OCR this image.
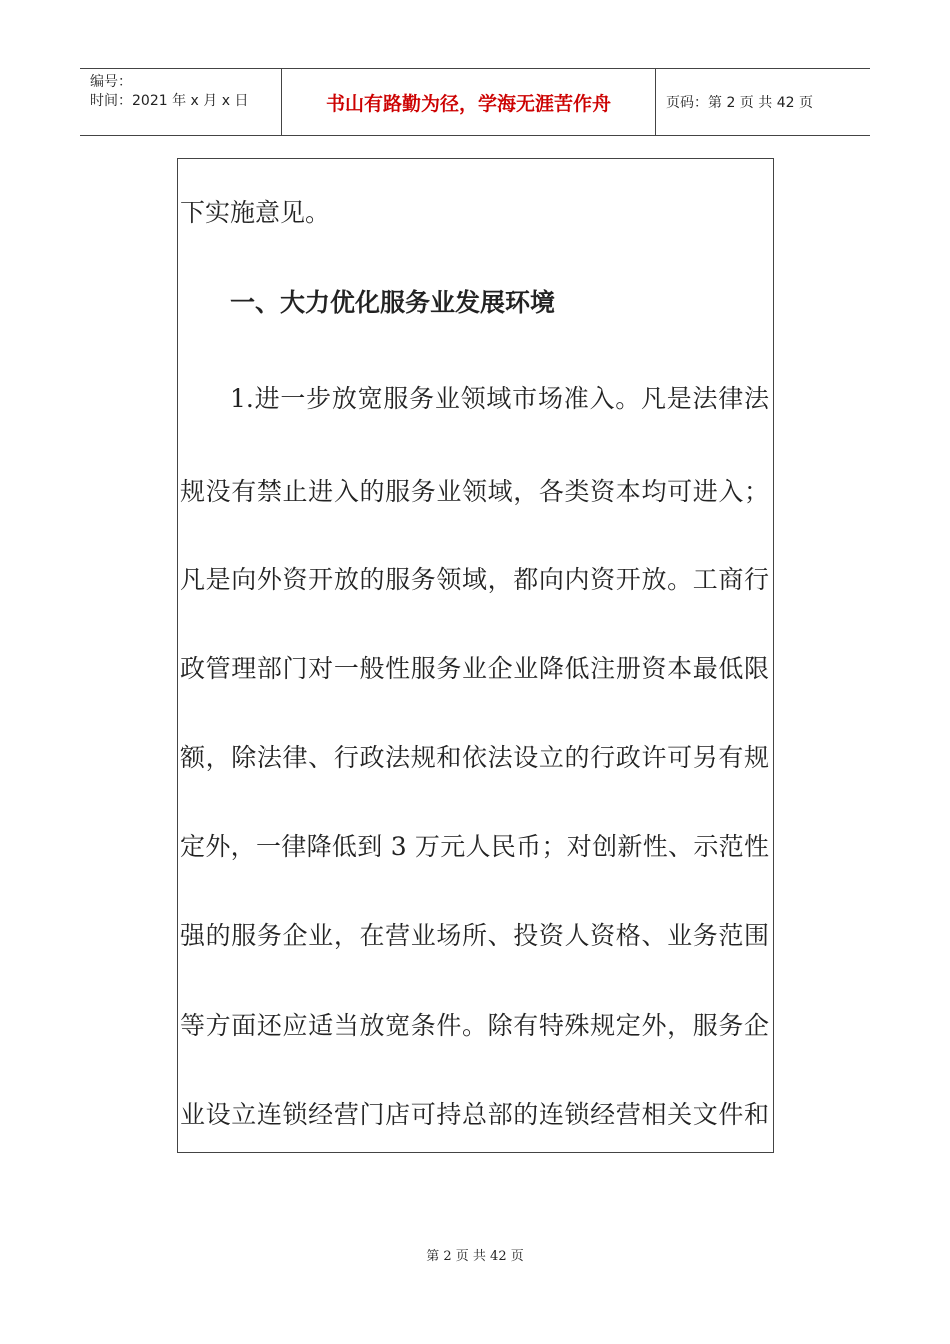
编号：
时间：2021 年 x 月 x 日	书山有路勤为径，学海无涯苦作舟	页码：第 2 页 共 42 页
下实施意见。
一、大力优化服务业发展环境
1.进一步放宽服务业领域市场准入。凡是法律法
规没有禁止进入的服务业领域，各类资本均可进入；
凡是向外资开放的服务领域，都向内资开放。工商行
政管理部门对一般性服务业企业降低注册资本最低限
额，除法律、行政法规和依法设立的行政许可另有规
定外，一律降低到 3 万元人民币；对创新性、示范性
强的服务企业，在营业场所、投资人资格、业务范围
等方面还应适当放宽条件。除有特殊规定外，服务企
业设立连锁经营门店可持总部的连锁经营相关文件和
第 2 页 共 42 页
